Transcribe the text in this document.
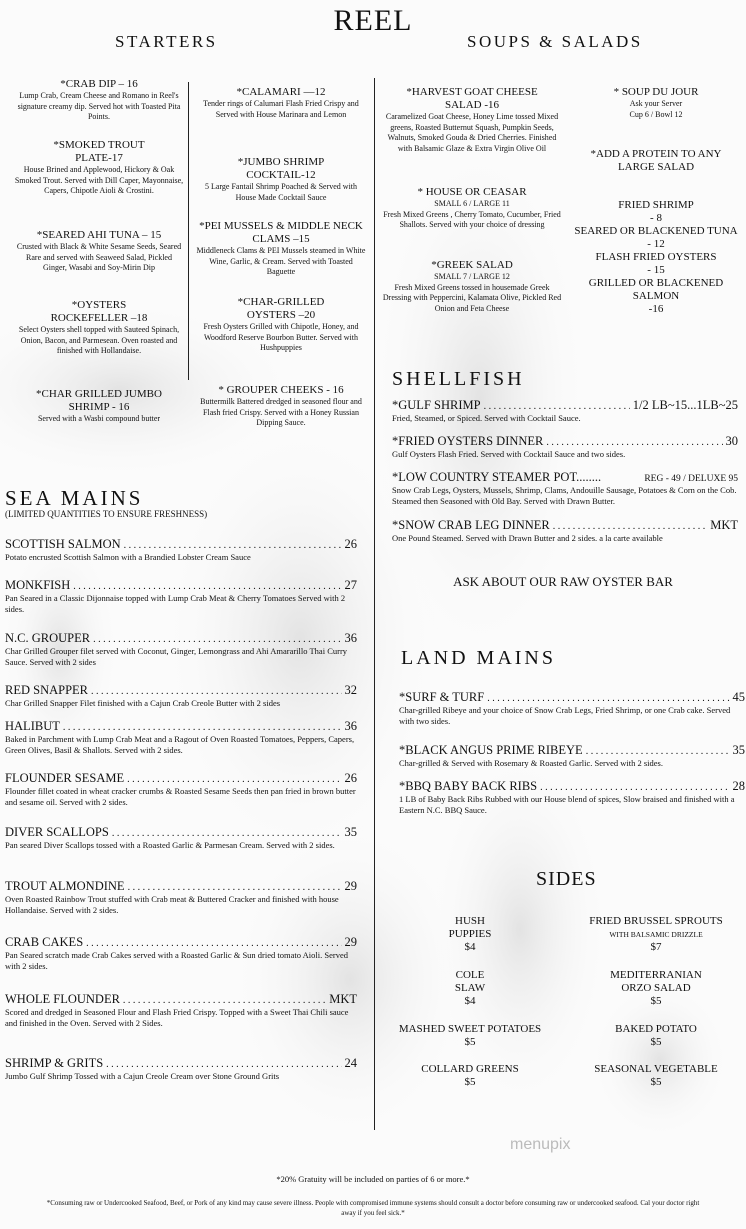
REEL
STARTERS
*CRAB DIP – 16
Lump Crab, Cream Cheese and Romano in Reel's signature creamy dip. Served hot with Toasted Pita Points.
*SMOKED TROUT PLATE-17
House Brined and Applewood, Hickory & Oak Smoked Trout. Served with Dill Caper, Mayonnaise, Capers, Chipotle Aioli & Crostini.
*SEARED AHI TUNA – 15
Crusted with Black & White Sesame Seeds, Seared Rare and served with Seaweed Salad, Pickled Ginger, Wasabi and Soy-Mirin Dip
*OYSTERS ROCKEFELLER –18
Select Oysters shell topped with Sauteed Spinach, Onion, Bacon, and Parmesean. Oven roasted and finished with Hollandaise.
*CHAR GRILLED JUMBO SHRIMP - 16
Served with a Wasbi compound butter
*CALAMARI —12
Tender rings of Calumari Flash Fried Crispy and Served with House Marinara and Lemon
*JUMBO SHRIMP COCKTAIL-12
5 Large Fantail Shrimp Poached & Served with House Made Cocktail Sauce
*PEI MUSSELS & MIDDLE NECK CLAMS –15
Middleneck Clams & PEI Mussels steamed in White Wine, Garlic, & Cream. Served with Toasted Baguette
*CHAR-GRILLED OYSTERS –20
Fresh Oysters Grilled with Chipotle, Honey, and Woodford Reserve Bourbon Butter. Served with Hushpuppies
* GROUPER CHEEKS - 16
Buttermilk Battered dredged in seasoned flour and Flash fried Crispy. Served with a Honey Russian Dipping Sauce.
SOUPS & SALADS
*HARVEST GOAT CHEESE SALAD -16
Caramelized Goat Cheese, Honey Lime tossed Mixed greens, Roasted Butternut Squash, Pumpkin Seeds, Walnuts, Smoked Gouda & Dried Cherries. Finished with Balsamic Glaze & Extra Virgin Olive Oil
* HOUSE OR CEASAR
SMALL 6 / LARGE 11
Fresh Mixed Greens , Cherry Tomato, Cucumber, Fried Shallots. Served with your choice of dressing
*GREEK SALAD
SMALL 7 / LARGE 12
Fresh Mixed Greens tossed in housemade Greek Dressing with Peppercini, Kalamata Olive, Pickled Red Onion and Feta Cheese
* SOUP DU JOUR
Ask your Server
Cup 6 / Bowl 12
*ADD A PROTEIN TO ANY LARGE SALAD
FRIED SHRIMP
- 8
SEARED OR BLACKENED TUNA
- 12
FLASH FRIED OYSTERS
- 15
GRILLED OR BLACKENED SALMON
-16
SHELLFISH
*GULF SHRIMP . . .	1/2 LB~15...1LB~25
Fried, Steamed, or Spiced. Served with Cocktail Sauce.
*FRIED OYSTERS DINNER . . .	30
Gulf Oysters Flash Fried. Served with Cocktail Sauce and two sides.
*LOW COUNTRY STEAMER POT........	REG - 49 / DELUXE 95
Snow Crab Legs, Oysters, Mussels, Shrimp, Clams, Andouille Sausage, Potatoes & Corn on the Cob. Steamed then Seasoned with Old Bay. Served with Drawn Butter.
*SNOW CRAB LEG DINNER . . .	MKT
One Pound Steamed. Served with Drawn Butter and 2 sides. a la carte available
ASK ABOUT OUR RAW OYSTER BAR
LAND MAINS
*SURF & TURF . . .	45
Char-grilled Ribeye and your choice of Snow Crab Legs, Fried Shrimp, or one Crab cake. Served with two sides.
*BLACK ANGUS PRIME RIBEYE . . .	35
Char-grilled & Served with Rosemary & Roasted Garlic. Served with 2 sides.
*BBQ BABY BACK RIBS . . .	28
1 LB of Baby Back Ribs Rubbed with our House blend of spices, Slow braised and finished with a Eastern N.C. BBQ Sauce.
SEA MAINS
(LIMITED QUANTITIES TO ENSURE FRESHNESS)
SCOTTISH SALMON . . .	26
Potato encrusted Scottish Salmon with a Brandied Lobster Cream Sauce
MONKFISH . . .	27
Pan Seared in a Classic Dijonnaise topped with Lump Crab Meat & Cherry Tomatoes Served with 2 sides.
N.C. GROUPER . . .	36
Char Grilled Grouper filet served with Coconut, Ginger, Lemongrass and Ahi Amararillo Thai Curry Sauce. Served with 2 sides
RED SNAPPER . . .	32
Char Grilled Snapper Filet finished with a Cajun Crab Creole Butter with 2 sides
HALIBUT . . .	36
Baked in Parchment with Lump Crab Meat and a Ragout of Oven Roasted Tomatoes, Peppers, Capers, Green Olives, Basil & Shallots. Served with 2 sides.
FLOUNDER SESAME . . .	26
Flounder fillet coated in wheat cracker crumbs & Roasted Sesame Seeds then pan fried in brown butter and sesame oil. Served with 2 sides.
DIVER SCALLOPS . . .	35
Pan seared Diver Scallops tossed with a Roasted Garlic & Parmesan Cream. Served with 2 sides.
TROUT ALMONDINE . . .	29
Oven Roasted Rainbow Trout stuffed with Crab meat & Buttered Cracker and finished with house Hollandaise. Served with 2 sides.
CRAB CAKES . . .	29
Pan Seared scratch made Crab Cakes served with a Roasted Garlic & Sun dried tomato Aioli. Served with 2 sides.
WHOLE FLOUNDER . . .	MKT
Scored and dredged in Seasoned Flour and Flash Fried Crispy. Topped with a Sweet Thai Chili sauce and finished in the Oven. Served with 2 Sides.
SHRIMP & GRITS . . .	24
Jumbo Gulf Shrimp Tossed with a Cajun Creole Cream over Stone Ground Grits
SIDES
HUSH PUPPIES
$4
FRIED BRUSSEL SPROUTS
WITH BALSAMIC DRIZZLE
$7
COLE SLAW
$4
MEDITERRANIAN ORZO SALAD
$5
MASHED SWEET POTATOES
$5
BAKED POTATO
$5
COLLARD GREENS
$5
SEASONAL VEGETABLE
$5
menupix
*20% Gratuity will be included on parties of 6 or more.*
*Consuming raw or Undercooked Seafood, Beef, or Pork of any kind may cause severe illness. People with compromised immune systems should consult a doctor before consuming raw or undercooked seafood. Cal your doctor right away if you feel sick.*
